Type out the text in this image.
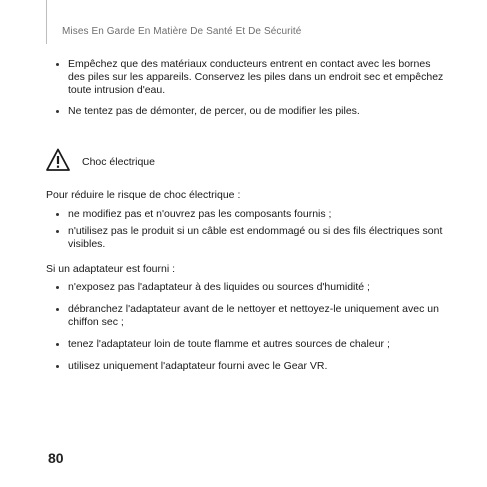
Mises En Garde En Matière De Santé Et De Sécurité
Empêchez que des matériaux conducteurs entrent en contact avec les bornes des piles sur les appareils. Conservez les piles dans un endroit sec et empêchez toute intrusion d'eau.
Ne tentez pas de démonter, de percer, ou de modifier les piles.
Choc électrique
Pour réduire le risque de choc électrique :
ne modifiez pas et n'ouvrez pas les composants fournis ;
n'utilisez pas le produit si un câble est endommagé ou si des fils électriques sont visibles.
Si un adaptateur est fourni :
n'exposez pas l'adaptateur à des liquides ou sources d'humidité ;
débranchez l'adaptateur avant de le nettoyer et nettoyez-le uniquement avec un chiffon sec ;
tenez l'adaptateur loin de toute flamme et autres sources de chaleur ;
utilisez uniquement l'adaptateur fourni avec le Gear VR.
80
